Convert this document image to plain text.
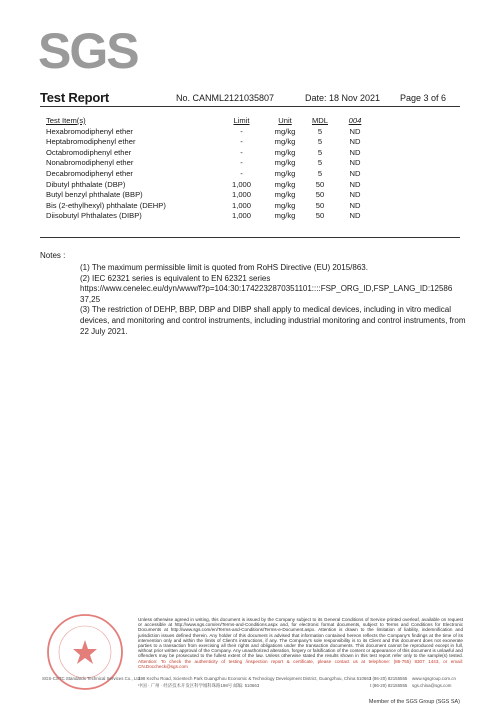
SGS
Test Report	No. CANML2121035807	Date: 18 Nov 2021 Page 3 of 6
Test Item(s)	Limit	Unit	MDL	004
Hexabromodiphenyl ether	-	mg/kg	5	ND
Heptabromodiphenyl ether	-	mg/kg	5	ND
Octabromodiphenyl ether	-	mg/kg	5	ND
Nonabromodiphenyl ether	-	mg/kg	5	ND
Decabromodiphenyl ether	-	mg/kg	5	ND
Dibutyl phthalate (DBP)	1,000	mg/kg	50	ND
Butyl benzyl phthalate (BBP)	1,000	mg/kg	50	ND
Bis (2-ethylhexyl) phthalate (DEHP)	1,000	mg/kg	50	ND
Diisobutyl Phthalates (DIBP)	1,000	mg/kg	50	ND
Notes :

(1) The maximum permissible limit is quoted from RoHS Directive (EU) 2015/863.

(2) IEC 62321 series is equivalent to EN 62321 series

https://www.cenelec.eu/dyn/www/f?p=104:30:1742232870351101::::FSP_ORG_ID,FSP_LANG_ID:12586

37,25

(3) The restriction of DEHP, BBP, DBP and DIBP shall apply to medical devices, including in vitro medical devices, and monitoring and control instruments, including industrial monitoring and control instruments, from 22 July 2021.

Unless otherwise agreed in writing, this document is issued by the Company subject to its General Conditions of Service printed overleaf, available on request or accessible at http://www.sgs.com/en/Terms-and-Conditions.aspx and, for electronic format documents, subject to Terms and Conditions for Electronic Documents at http://www.sgs.com/en/Terms-and-Conditions/Terms-e-Document.aspx. Attention is drawn to the limitation of liability, indemnification and jurisdiction issues defined therein. Any holder of this document is advised that information contained hereon reflects the Company's findings at the time of its intervention only and within the limits of Client's instructions, if any. The Company's sole responsibility is to its Client and this document does not exonerate parties to a transaction from exercising all their rights and obligations under the transaction documents. This document cannot be reproduced except in full, without prior written approval of the Company. Any unauthorized alteration, forgery or falsification of the content or appearance of this document is unlawful and offenders may be prosecuted to the fullest extent of the law. Unless otherwise stated the results shown in this test report refer only to the sample(s) tested. Attention: To check the authenticity of testing /inspection report & certificate, please contact us at telephone: (86-755) 8307 1443, or email: CN.Doccheck@sgs.com
SGS-CSTC Standards Technical Services Co., Ltd.
198 Kezhu Road, Scientech Park Guangzhou Economic & Technology Development District, Guangzhou, China 510663
t (86-20) 82155555 www.sgsgroup.com.cn
中国 · 广州 · 经济技术开发区科学城科珠路198号 邮编: 510663	t (86-20) 82155555 sgs.china@sgs.com
Member of the SGS Group (SGS SA)
